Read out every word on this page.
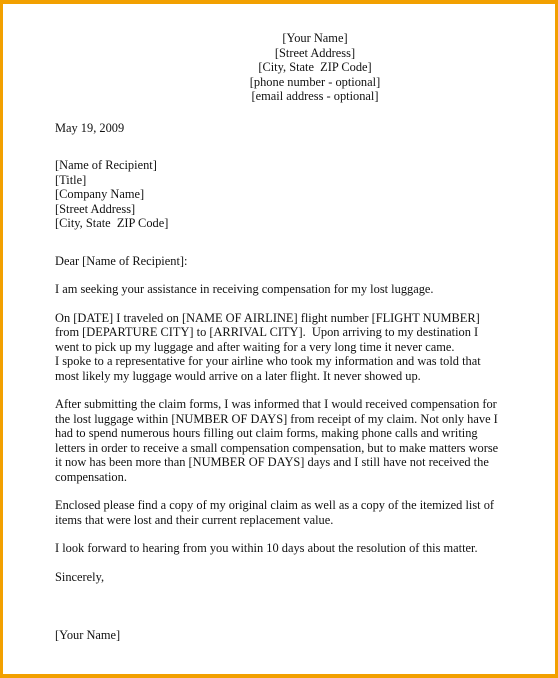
[Your Name]
[Street Address]
[City, State  ZIP Code]
[phone number - optional]
[email address - optional]
May 19, 2009
[Name of Recipient]
[Title]
[Company Name]
[Street Address]
[City, State  ZIP Code]
Dear [Name of Recipient]:
I am seeking your assistance in receiving compensation for my lost luggage.
On [DATE] I traveled on [NAME OF AIRLINE] flight number [FLIGHT NUMBER]
from [DEPARTURE CITY] to [ARRIVAL CITY].  Upon arriving to my destination I
went to pick up my luggage and after waiting for a very long time it never came.
I spoke to a representative for your airline who took my information and was told that
most likely my luggage would arrive on a later flight. It never showed up.
After submitting the claim forms, I was informed that I would received compensation for
the lost luggage within [NUMBER OF DAYS] from receipt of my claim. Not only have I
had to spend numerous hours filling out claim forms, making phone calls and writing
letters in order to receive a small compensation compensation, but to make matters worse
it now has been more than [NUMBER OF DAYS] days and I still have not received the
compensation.
Enclosed please find a copy of my original claim as well as a copy of the itemized list of
items that were lost and their current replacement value.
I look forward to hearing from you within 10 days about the resolution of this matter.
Sincerely,
[Your Name]
